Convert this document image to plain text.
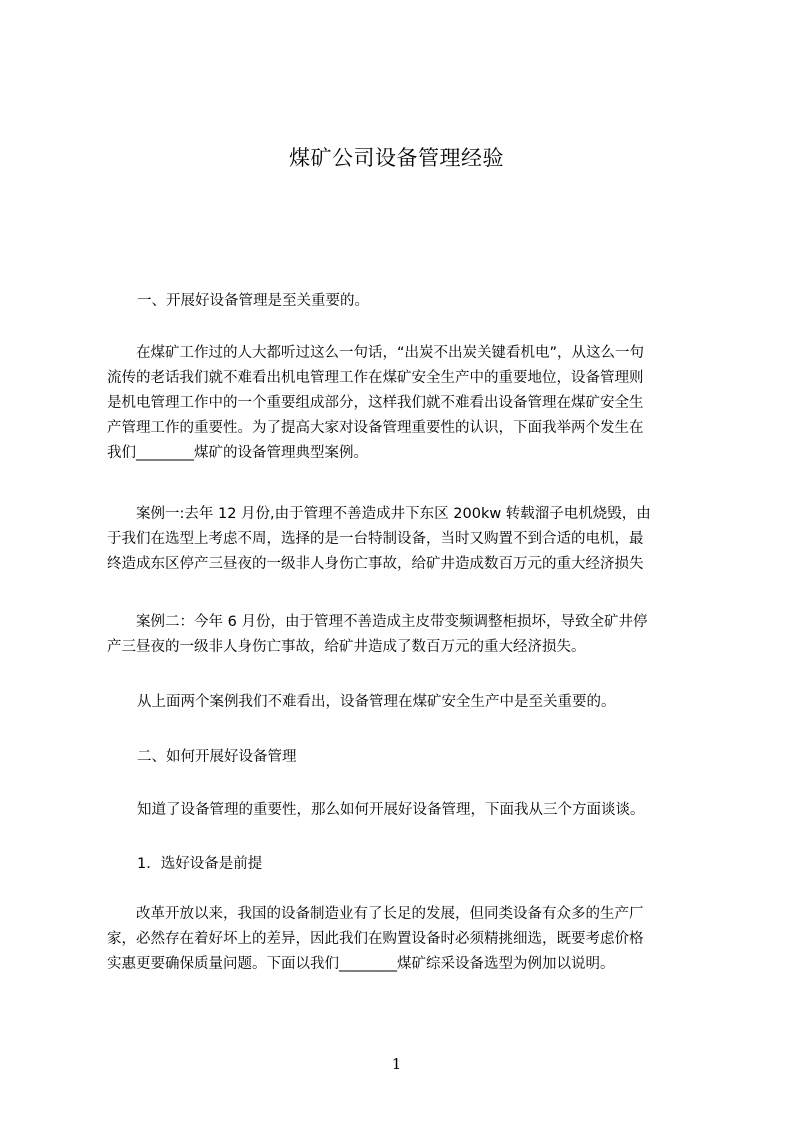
煤矿公司设备管理经验
一、开展好设备管理是至关重要的。
　　在煤矿工作过的人大都听过这么一句话，“出炭不出炭关键看机电”，从这么一句
流传的老话我们就不难看出机电管理工作在煤矿安全生产中的重要地位，设备管理则
是机电管理工作中的一个重要组成部分，这样我们就不难看出设备管理在煤矿安全生
产管理工作的重要性。为了提高大家对设备管理重要性的认识，下面我举两个发生在
我们________煤矿的设备管理典型案例。
　　案例一:去年 12 月份,由于管理不善造成井下东区 200kw 转载溜子电机烧毁，由
于我们在选型上考虑不周，选择的是一台特制设备，当时又购置不到合适的电机，最
终造成东区停产三昼夜的一级非人身伤亡事故，给矿井造成数百万元的重大经济损失
　　案例二：今年 6 月份，由于管理不善造成主皮带变频调整柜损坏，导致全矿井停
产三昼夜的一级非人身伤亡事故，给矿井造成了数百万元的重大经济损失。
从上面两个案例我们不难看出，设备管理在煤矿安全生产中是至关重要的。
二、如何开展好设备管理
知道了设备管理的重要性，那么如何开展好设备管理，下面我从三个方面谈谈。
1．选好设备是前提
　　改革开放以来，我国的设备制造业有了长足的发展，但同类设备有众多的生产厂
家，必然存在着好坏上的差异，因此我们在购置设备时必须精挑细选，既要考虑价格
实惠更要确保质量问题。下面以我们________煤矿综采设备选型为例加以说明。
1
